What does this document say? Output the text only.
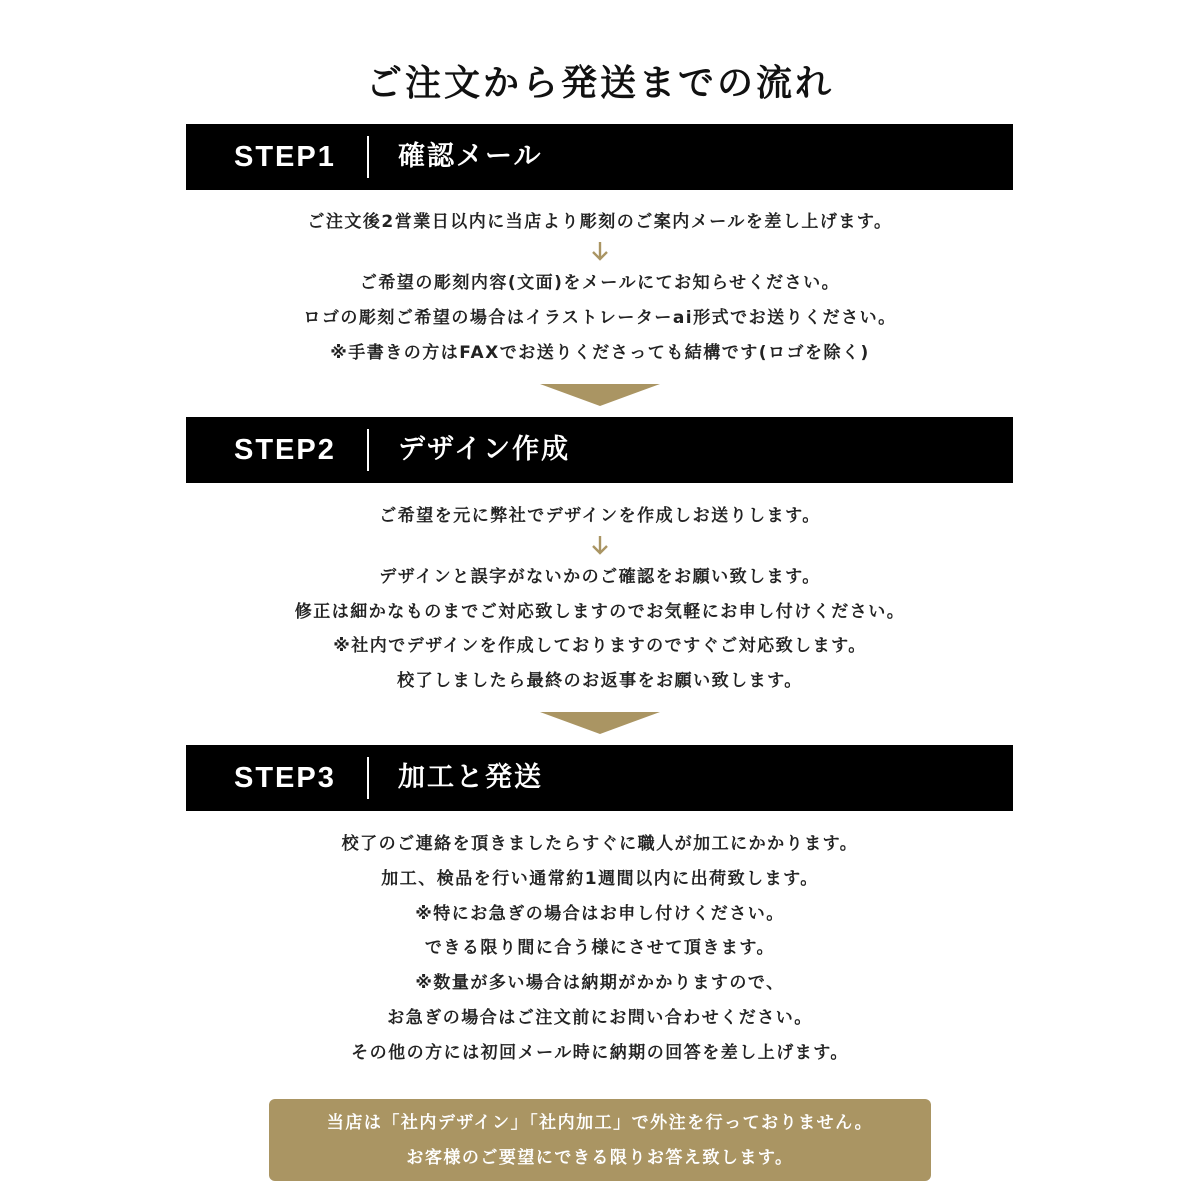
ご注文から発送までの流れ
STEP1 確認メール
ご注文後2営業日以内に当店より彫刻のご案内メールを差し上げます。
ご希望の彫刻内容(文面)をメールにてお知らせください。
ロゴの彫刻ご希望の場合はイラストレーターai形式でお送りください。
※手書きの方はFAXでお送りくださっても結構です(ロゴを除く)
STEP2 デザイン作成
ご希望を元に弊社でデザインを作成しお送りします。
デザインと誤字がないかのご確認をお願い致します。
修正は細かなものまでご対応致しますのでお気軽にお申し付けください。
※社内でデザインを作成しておりますのですぐご対応致します。
校了しましたら最終のお返事をお願い致します。
STEP3 加工と発送
校了のご連絡を頂きましたらすぐに職人が加工にかかります。
加工、検品を行い通常約1週間以内に出荷致します。
※特にお急ぎの場合はお申し付けください。
できる限り間に合う様にさせて頂きます。
※数量が多い場合は納期がかかりますので、
お急ぎの場合はご注文前にお問い合わせください。
その他の方には初回メール時に納期の回答を差し上げます。
当店は「社内デザイン」「社内加工」で外注を行っておりません。
お客様のご要望にできる限りお答え致します。
